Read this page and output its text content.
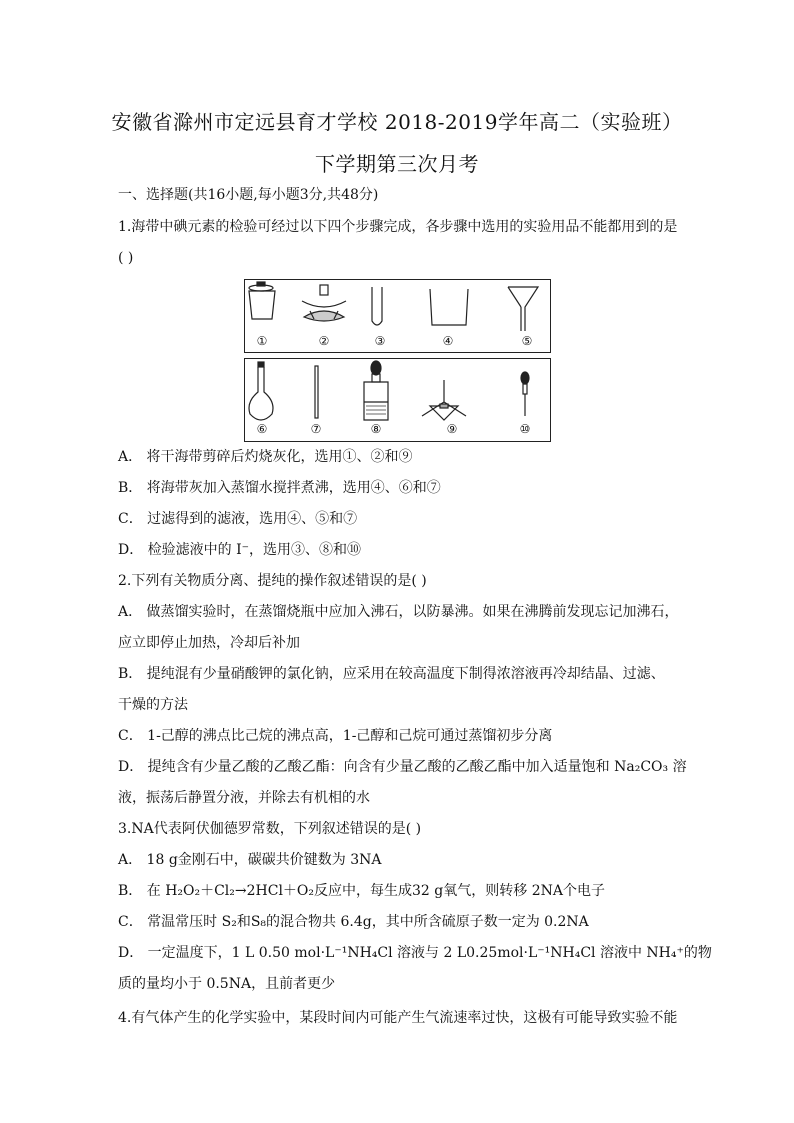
安徽省滁州市定远县育才学校 2018-2019学年高二（实验班）
下学期第三次月考
一、选择题(共16小题,每小题3分,共48分)
1.海带中碘元素的检验可经过以下四个步骤完成，各步骤中选用的实验用品不能都用到的是
( )
①	②	③	④	⑤
⑥	⑦	⑧	⑨	⑩
A． 将干海带剪碎后灼烧灰化，选用①、②和⑨
B． 将海带灰加入蒸馏水搅拌煮沸，选用④、⑥和⑦
C． 过滤得到的滤液，选用④、⑤和⑦
D． 检验滤液中的 I⁻，选用③、⑧和⑩
2.下列有关物质分离、提纯的操作叙述错误的是( )
A． 做蒸馏实验时，在蒸馏烧瓶中应加入沸石，以防暴沸。如果在沸腾前发现忘记加沸石，
应立即停止加热，冷却后补加
B． 提纯混有少量硝酸钾的氯化钠，应采用在较高温度下制得浓溶液再冷却结晶、过滤、
干燥的方法
C． 1-己醇的沸点比己烷的沸点高，1-己醇和己烷可通过蒸馏初步分离
D． 提纯含有少量乙酸的乙酸乙酯：向含有少量乙酸的乙酸乙酯中加入适量饱和 Na₂CO₃ 溶
液，振荡后静置分液，并除去有机相的水
3.NA代表阿伏伽德罗常数，下列叙述错误的是( )
A． 18 g金刚石中，碳碳共价键数为 3NA
B． 在 H₂O₂＋Cl₂→2HCl＋O₂反应中，每生成32 g氧气，则转移 2NA个电子
C． 常温常压时 S₂和S₈的混合物共 6.4g，其中所含硫原子数一定为 0.2NA
D． 一定温度下，1 L 0.50 mol·L⁻¹NH₄Cl 溶液与 2 L0.25mol·L⁻¹NH₄Cl 溶液中 NH₄⁺的物
质的量均小于 0.5NA，且前者更少
4.有气体产生的化学实验中，某段时间内可能产生气流速率过快，这极有可能导致实验不能
